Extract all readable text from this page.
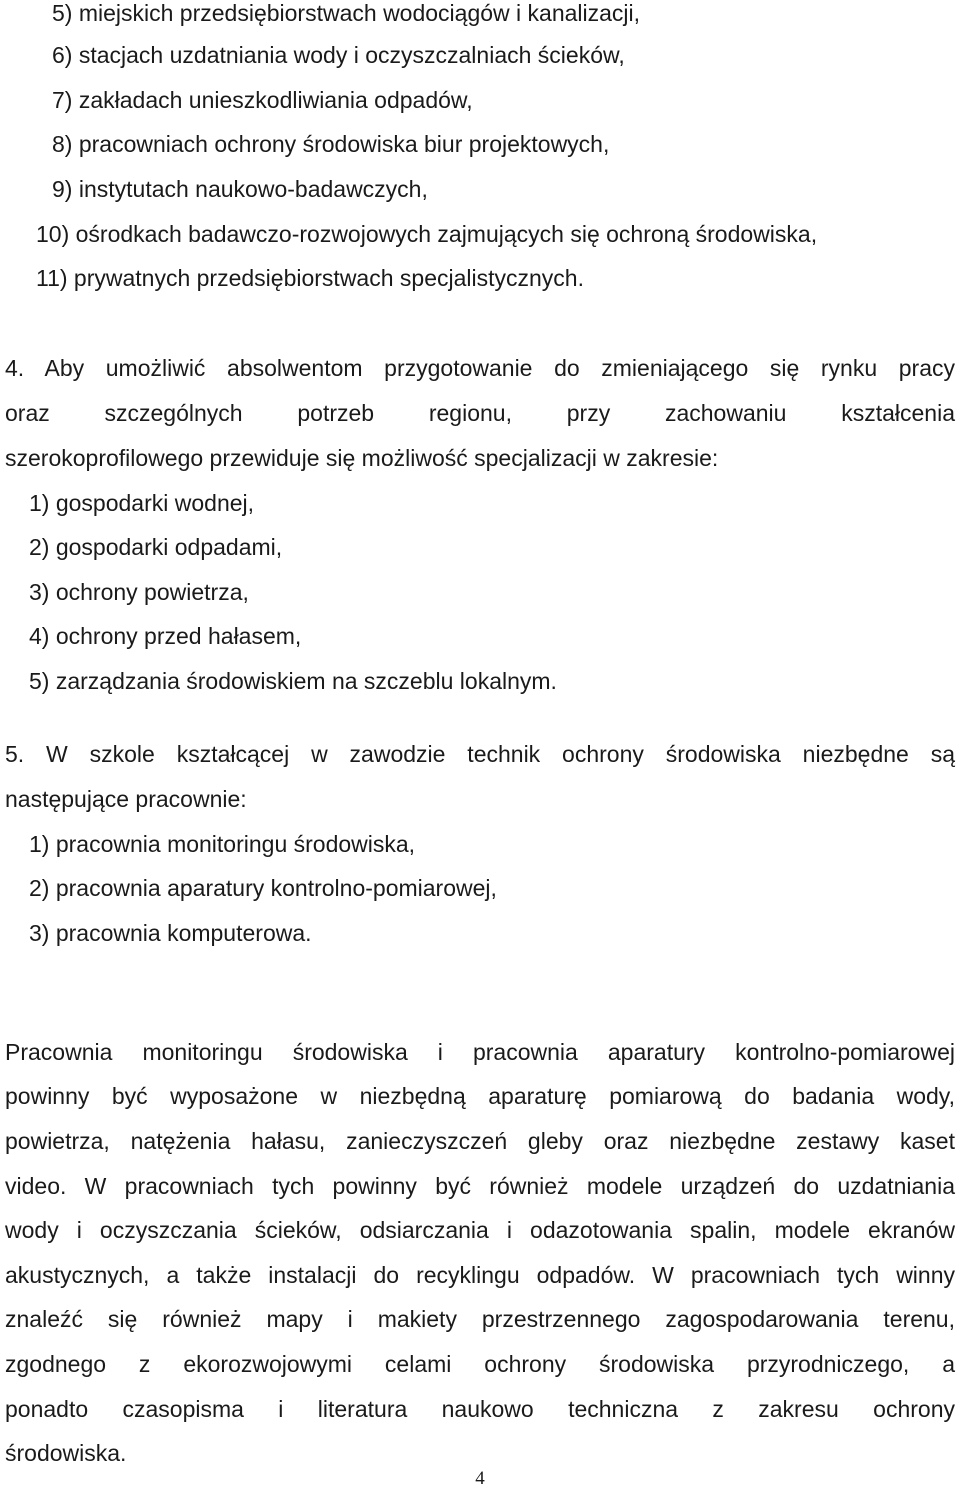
5) miejskich przedsiębiorstwach wodociągów i kanalizacji,
6) stacjach uzdatniania wody i oczyszczalniach ścieków,
7) zakładach unieszkodliwiania odpadów,
8) pracowniach ochrony środowiska biur projektowych,
9) instytutach naukowo-badawczych,
10) ośrodkach badawczo-rozwojowych zajmujących się ochroną środowiska,
11) prywatnych przedsiębiorstwach specjalistycznych.
4. Aby umożliwić absolwentom przygotowanie do zmieniającego się rynku pracy
oraz szczególnych potrzeb regionu, przy zachowaniu kształcenia
szerokoprofilowego przewiduje się możliwość specjalizacji w zakresie:
1) gospodarki wodnej,
2) gospodarki odpadami,
3) ochrony powietrza,
4) ochrony przed hałasem,
5) zarządzania środowiskiem na szczeblu lokalnym.
5. W szkole kształcącej w zawodzie technik ochrony środowiska niezbędne są
następujące pracownie:
1) pracownia monitoringu środowiska,
2) pracownia aparatury kontrolno-pomiarowej,
3) pracownia komputerowa.
Pracownia monitoringu środowiska i pracownia aparatury kontrolno-pomiarowej
powinny być wyposażone w niezbędną aparaturę pomiarową do badania wody,
powietrza, natężenia hałasu, zanieczyszczeń gleby oraz niezbędne zestawy kaset
video. W pracowniach tych powinny być również modele urządzeń do uzdatniania
wody i oczyszczania ścieków, odsiarczania i odazotowania spalin, modele ekranów
akustycznych, a także instalacji do recyklingu odpadów. W pracowniach tych winny
znaleźć się również mapy i makiety przestrzennego zagospodarowania terenu,
zgodnego z ekorozwojowymi celami ochrony środowiska przyrodniczego, a
ponadto czasopisma i literatura naukowo techniczna z zakresu ochrony
środowiska.
4
